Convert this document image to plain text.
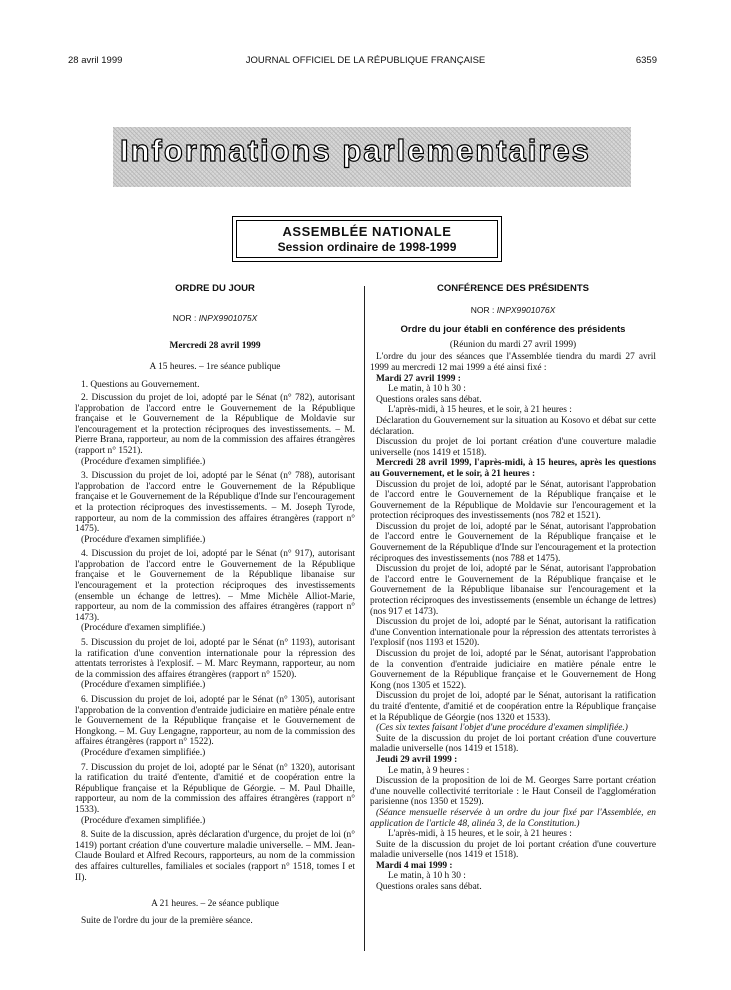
28 avril 1999	JOURNAL OFFICIEL DE LA RÉPUBLIQUE FRANÇAISE	6359
Informations parlementaires
ASSEMBLÉE NATIONALE
Session ordinaire de 1998-1999

ORDRE DU JOUR

NOR : INPX9901075X

Mercredi 28 avril 1999

A 15 heures. – 1re séance publique

1. Questions au Gouvernement.

2. Discussion du projet de loi, adopté par le Sénat (n° 782), autorisant l'approbation de l'accord entre le Gouvernement de la République française et le Gouvernement de la République de Moldavie sur l'encouragement et la protection réciproques des investissements. – M. Pierre Brana, rapporteur, au nom de la commission des affaires étrangères (rapport n° 1521).

(Procédure d'examen simplifiée.)

3. Discussion du projet de loi, adopté par le Sénat (n° 788), autorisant l'approbation de l'accord entre le Gouvernement de la République française et le Gouvernement de la République d'Inde sur l'encouragement et la protection réciproques des investissements. – M. Joseph Tyrode, rapporteur, au nom de la commission des affaires étrangères (rapport n° 1475).

(Procédure d'examen simplifiée.)

4. Discussion du projet de loi, adopté par le Sénat (n° 917), autorisant l'approbation de l'accord entre le Gouvernement de la République française et le Gouvernement de la République libanaise sur l'encouragement et la protection réciproques des investissements (ensemble un échange de lettres). – Mme Michèle Alliot-Marie, rapporteur, au nom de la commission des affaires étrangères (rapport n° 1473).

(Procédure d'examen simplifiée.)

5. Discussion du projet de loi, adopté par le Sénat (n° 1193), autorisant la ratification d'une convention internationale pour la répression des attentats terroristes à l'explosif. – M. Marc Reymann, rapporteur, au nom de la commission des affaires étrangères (rapport n° 1520).

(Procédure d'examen simplifiée.)

6. Discussion du projet de loi, adopté par le Sénat (n° 1305), autorisant l'approbation de la convention d'entraide judiciaire en matière pénale entre le Gouvernement de la République française et le Gouvernement de Hongkong. – M. Guy Lengagne, rapporteur, au nom de la commission des affaires étrangères (rapport n° 1522).

(Procédure d'examen simplifiée.)

7. Discussion du projet de loi, adopté par le Sénat (n° 1320), autorisant la ratification du traité d'entente, d'amitié et de coopération entre la République française et la République de Géorgie. – M. Paul Dhaille, rapporteur, au nom de la commission des affaires étrangères (rapport n° 1533).

(Procédure d'examen simplifiée.)

8. Suite de la discussion, après déclaration d'urgence, du projet de loi (n° 1419) portant création d'une couverture maladie universelle. – MM. Jean-Claude Boulard et Alfred Recours, rapporteurs, au nom de la commission des affaires culturelles, familiales et sociales (rapport n° 1518, tomes I et II).

A 21 heures. – 2e séance publique

Suite de l'ordre du jour de la première séance.

CONFÉRENCE DES PRÉSIDENTS

NOR : INPX9901076X

Ordre du jour établi en conférence des présidents

(Réunion du mardi 27 avril 1999)

L'ordre du jour des séances que l'Assemblée tiendra du mardi 27 avril 1999 au mercredi 12 mai 1999 a été ainsi fixé :

Mardi 27 avril 1999 :

Le matin, à 10 h 30 :

Questions orales sans débat.

L'après-midi, à 15 heures, et le soir, à 21 heures :

Déclaration du Gouvernement sur la situation au Kosovo et débat sur cette déclaration.

Discussion du projet de loi portant création d'une couverture maladie universelle (nos 1419 et 1518).

Mercredi 28 avril 1999, l'après-midi, à 15 heures, après les questions au Gouvernement, et le soir, à 21 heures :

Discussion du projet de loi, adopté par le Sénat, autorisant l'approbation de l'accord entre le Gouvernement de la République française et le Gouvernement de la République de Moldavie sur l'encouragement et la protection réciproques des investissements (nos 782 et 1521).

Discussion du projet de loi, adopté par le Sénat, autorisant l'approbation de l'accord entre le Gouvernement de la République française et le Gouvernement de la République d'Inde sur l'encouragement et la protection réciproques des investissements (nos 788 et 1475).

Discussion du projet de loi, adopté par le Sénat, autorisant l'approbation de l'accord entre le Gouvernement de la République française et le Gouvernement de la République libanaise sur l'encouragement et la protection réciproques des investissements (ensemble un échange de lettres) (nos 917 et 1473).

Discussion du projet de loi, adopté par le Sénat, autorisant la ratification d'une Convention internationale pour la répression des attentats terroristes à l'explosif (nos 1193 et 1520).

Discussion du projet de loi, adopté par le Sénat, autorisant l'approbation de la convention d'entraide judiciaire en matière pénale entre le Gouvernement de la République française et le Gouvernement de Hong Kong (nos 1305 et 1522).

Discussion du projet de loi, adopté par le Sénat, autorisant la ratification du traité d'entente, d'amitié et de coopération entre la République française et la République de Géorgie (nos 1320 et 1533).

(Ces six textes faisant l'objet d'une procédure d'examen simplifiée.)

Suite de la discussion du projet de loi portant création d'une couverture maladie universelle (nos 1419 et 1518).

Jeudi 29 avril 1999 :

Le matin, à 9 heures :

Discussion de la proposition de loi de M. Georges Sarre portant création d'une nouvelle collectivité territoriale : le Haut Conseil de l'agglomération parisienne (nos 1350 et 1529).

(Séance mensuelle réservée à un ordre du jour fixé par l'Assemblée, en application de l'article 48, alinéa 3, de la Constitution.)

L'après-midi, à 15 heures, et le soir, à 21 heures :

Suite de la discussion du projet de loi portant création d'une couverture maladie universelle (nos 1419 et 1518).

Mardi 4 mai 1999 :

Le matin, à 10 h 30 :

Questions orales sans débat.
